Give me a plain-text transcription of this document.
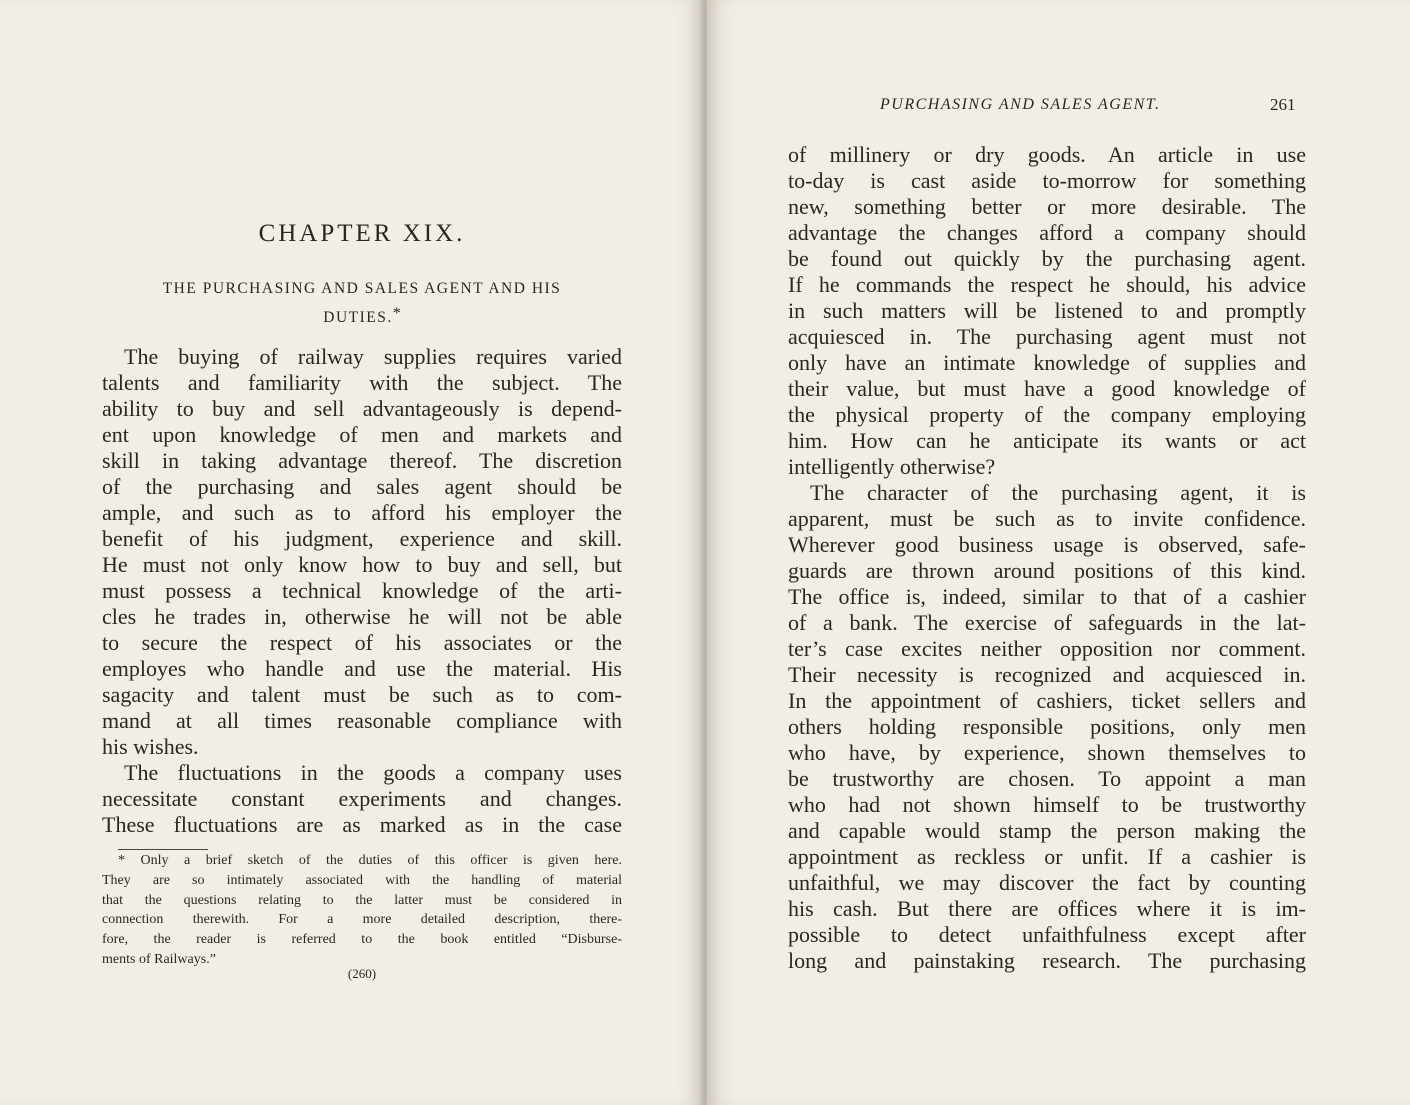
CHAPTER XIX.
THE PURCHASING AND SALES AGENT AND HIS
DUTIES.*
The buying of railway supplies requires varied
talents and familiarity with the subject. The
ability to buy and sell advantageously is depend-
ent upon knowledge of men and markets and
skill in taking advantage thereof. The discretion
of the purchasing and sales agent should be
ample, and such as to afford his employer the
benefit of his judgment, experience and skill.
He must not only know how to buy and sell, but
must possess a technical knowledge of the arti-
cles he trades in, otherwise he will not be able
to secure the respect of his associates or the
employes who handle and use the material. His
sagacity and talent must be such as to com-
mand at all times reasonable compliance with
his wishes.
The fluctuations in the goods a company uses
necessitate constant experiments and changes.
These fluctuations are as marked as in the case
* Only a brief sketch of the duties of this officer is given here.
They are so intimately associated with the handling of material
that the questions relating to the latter must be considered in
connection therewith. For a more detailed description, there-
fore, the reader is referred to the book entitled “Disburse-
ments of Railways.”
(260)
PURCHASING AND SALES AGENT.	261
of millinery or dry goods. An article in use
to-day is cast aside to-morrow for something
new, something better or more desirable. The
advantage the changes afford a company should
be found out quickly by the purchasing agent.
If he commands the respect he should, his advice
in such matters will be listened to and promptly
acquiesced in. The purchasing agent must not
only have an intimate knowledge of supplies and
their value, but must have a good knowledge of
the physical property of the company employing
him. How can he anticipate its wants or act
intelligently otherwise?
The character of the purchasing agent, it is
apparent, must be such as to invite confidence.
Wherever good business usage is observed, safe-
guards are thrown around positions of this kind.
The office is, indeed, similar to that of a cashier
of a bank. The exercise of safeguards in the lat-
ter’s case excites neither opposition nor comment.
Their necessity is recognized and acquiesced in.
In the appointment of cashiers, ticket sellers and
others holding responsible positions, only men
who have, by experience, shown themselves to
be trustworthy are chosen. To appoint a man
who had not shown himself to be trustworthy
and capable would stamp the person making the
appointment as reckless or unfit. If a cashier is
unfaithful, we may discover the fact by counting
his cash. But there are offices where it is im-
possible to detect unfaithfulness except after
long and painstaking research. The purchasing
